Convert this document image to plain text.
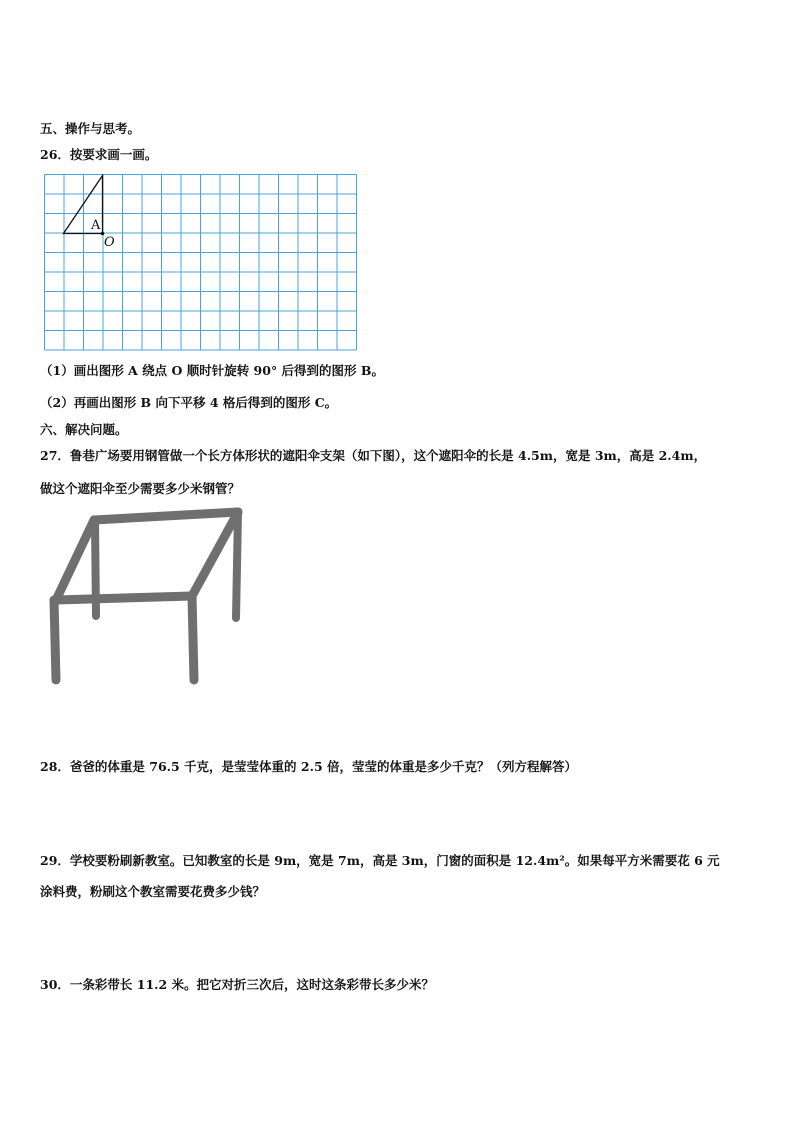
五、操作与思考。
26．按要求画一画。
A
O
（1）画出图形 A 绕点 O 顺时针旋转 90° 后得到的图形 B。
（2）再画出图形 B 向下平移 4 格后得到的图形 C。
六、解决问题。
27．鲁巷广场要用钢管做一个长方体形状的遮阳伞支架（如下图），这个遮阳伞的长是 4.5m，宽是 3m，高是 2.4m，
做这个遮阳伞至少需要多少米钢管？
28．爸爸的体重是 76.5 千克，是莹莹体重的 2.5 倍，莹莹的体重是多少千克？（列方程解答）
29．学校要粉刷新教室。已知教室的长是 9m，宽是 7m，高是 3m，门窗的面积是 12.4m²。如果每平方米需要花 6 元
涂料费，粉刷这个教室需要花费多少钱？
30．一条彩带长 11.2 米。把它对折三次后，这时这条彩带长多少米？
